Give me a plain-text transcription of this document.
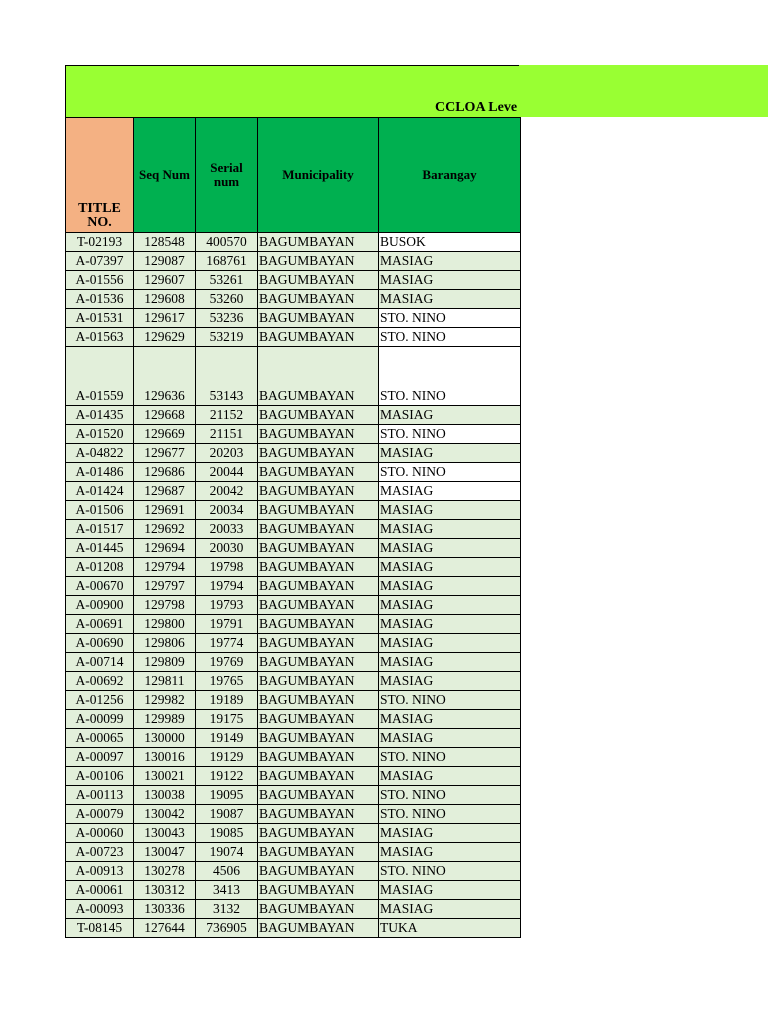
CCLOA Leve
TITLE NO.	Seq Num	Serial num	Municipality	Barangay
T-02193	128548	400570	BAGUMBAYAN	BUSOK
A-07397	129087	168761	BAGUMBAYAN	MASIAG
A-01556	129607	53261	BAGUMBAYAN	MASIAG
A-01536	129608	53260	BAGUMBAYAN	MASIAG
A-01531	129617	53236	BAGUMBAYAN	STO. NINO
A-01563	129629	53219	BAGUMBAYAN	STO. NINO
A-01559	129636	53143	BAGUMBAYAN	STO. NINO
A-01435	129668	21152	BAGUMBAYAN	MASIAG
A-01520	129669	21151	BAGUMBAYAN	STO. NINO
A-04822	129677	20203	BAGUMBAYAN	MASIAG
A-01486	129686	20044	BAGUMBAYAN	STO. NINO
A-01424	129687	20042	BAGUMBAYAN	MASIAG
A-01506	129691	20034	BAGUMBAYAN	MASIAG
A-01517	129692	20033	BAGUMBAYAN	MASIAG
A-01445	129694	20030	BAGUMBAYAN	MASIAG
A-01208	129794	19798	BAGUMBAYAN	MASIAG
A-00670	129797	19794	BAGUMBAYAN	MASIAG
A-00900	129798	19793	BAGUMBAYAN	MASIAG
A-00691	129800	19791	BAGUMBAYAN	MASIAG
A-00690	129806	19774	BAGUMBAYAN	MASIAG
A-00714	129809	19769	BAGUMBAYAN	MASIAG
A-00692	129811	19765	BAGUMBAYAN	MASIAG
A-01256	129982	19189	BAGUMBAYAN	STO. NINO
A-00099	129989	19175	BAGUMBAYAN	MASIAG
A-00065	130000	19149	BAGUMBAYAN	MASIAG
A-00097	130016	19129	BAGUMBAYAN	STO. NINO
A-00106	130021	19122	BAGUMBAYAN	MASIAG
A-00113	130038	19095	BAGUMBAYAN	STO. NINO
A-00079	130042	19087	BAGUMBAYAN	STO. NINO
A-00060	130043	19085	BAGUMBAYAN	MASIAG
A-00723	130047	19074	BAGUMBAYAN	MASIAG
A-00913	130278	4506	BAGUMBAYAN	STO. NINO
A-00061	130312	3413	BAGUMBAYAN	MASIAG
A-00093	130336	3132	BAGUMBAYAN	MASIAG
T-08145	127644	736905	BAGUMBAYAN	TUKA
